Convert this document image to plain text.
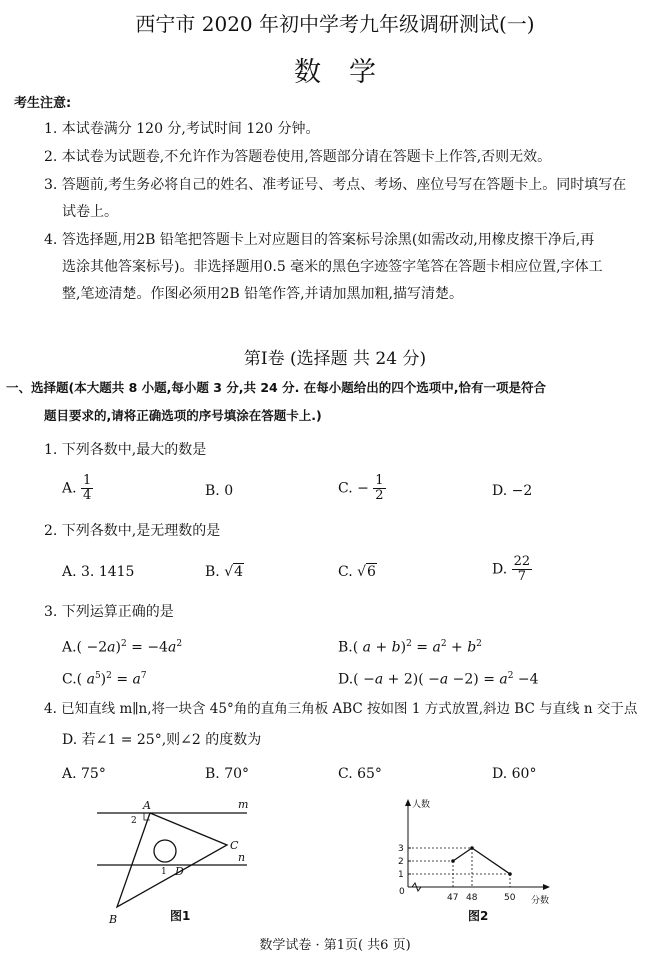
西宁市 2020 年初中学考九年级调研测试(一)
数学
考生注意:
1. 本试卷满分 120 分,考试时间 120 分钟。
2. 本试卷为试题卷,不允许作为答题卷使用,答题部分请在答题卡上作答,否则无效。
3. 答题前,考生务必将自己的姓名、准考证号、考点、考场、座位号写在答题卡上。同时填写在
试卷上。
4. 答选择题,用2B 铅笔把答题卡上对应题目的答案标号涂黑(如需改动,用橡皮擦干净后,再
选涂其他答案标号)。非选择题用0.5 毫米的黑色字迹签字笔答在答题卡相应位置,字体工
整,笔迹清楚。作图必须用2B 铅笔作答,并请加黑加粗,描写清楚。
第Ⅰ卷 (选择题 共 24 分)
一、选择题(本大题共 8 小题,每小题 3 分,共 24 分. 在每小题给出的四个选项中,恰有一项是符合
题目要求的,请将正确选项的序号填涂在答题卡上.)
1. 下列各数中,最大的数是
A. $\frac{1}{4}$	B. 0	C. − $\frac{1}{2}$	D. −2
2. 下列各数中,是无理数的是
A. 3. 1415	B. √4	C. √6	D. $\frac{22}{7}$
3. 下列运算正确的是
$A.( -2a)^2 = -4a^2$	B.( $a + b)^2 = a^2 + b^2$
C.( $a^5)^2 = a^7$	$D.( -a + 2)( -a -2) = a^2 -4$
4. 已知直线 m∥n,将一块含 45°角的直角三角板 ABC 按如图 1 方式放置,斜边 BC 与直线 n 交于点
D. 若∠1 = 25°,则∠2 的度数为
A. 75°	B. 70°	C. 65°	D. 60°
A
B
C
D
m
n
1
2
图1
1
2
3
47 48	50
人数
分数
0
图2
数学试卷 · 第1页( 共6 页)
